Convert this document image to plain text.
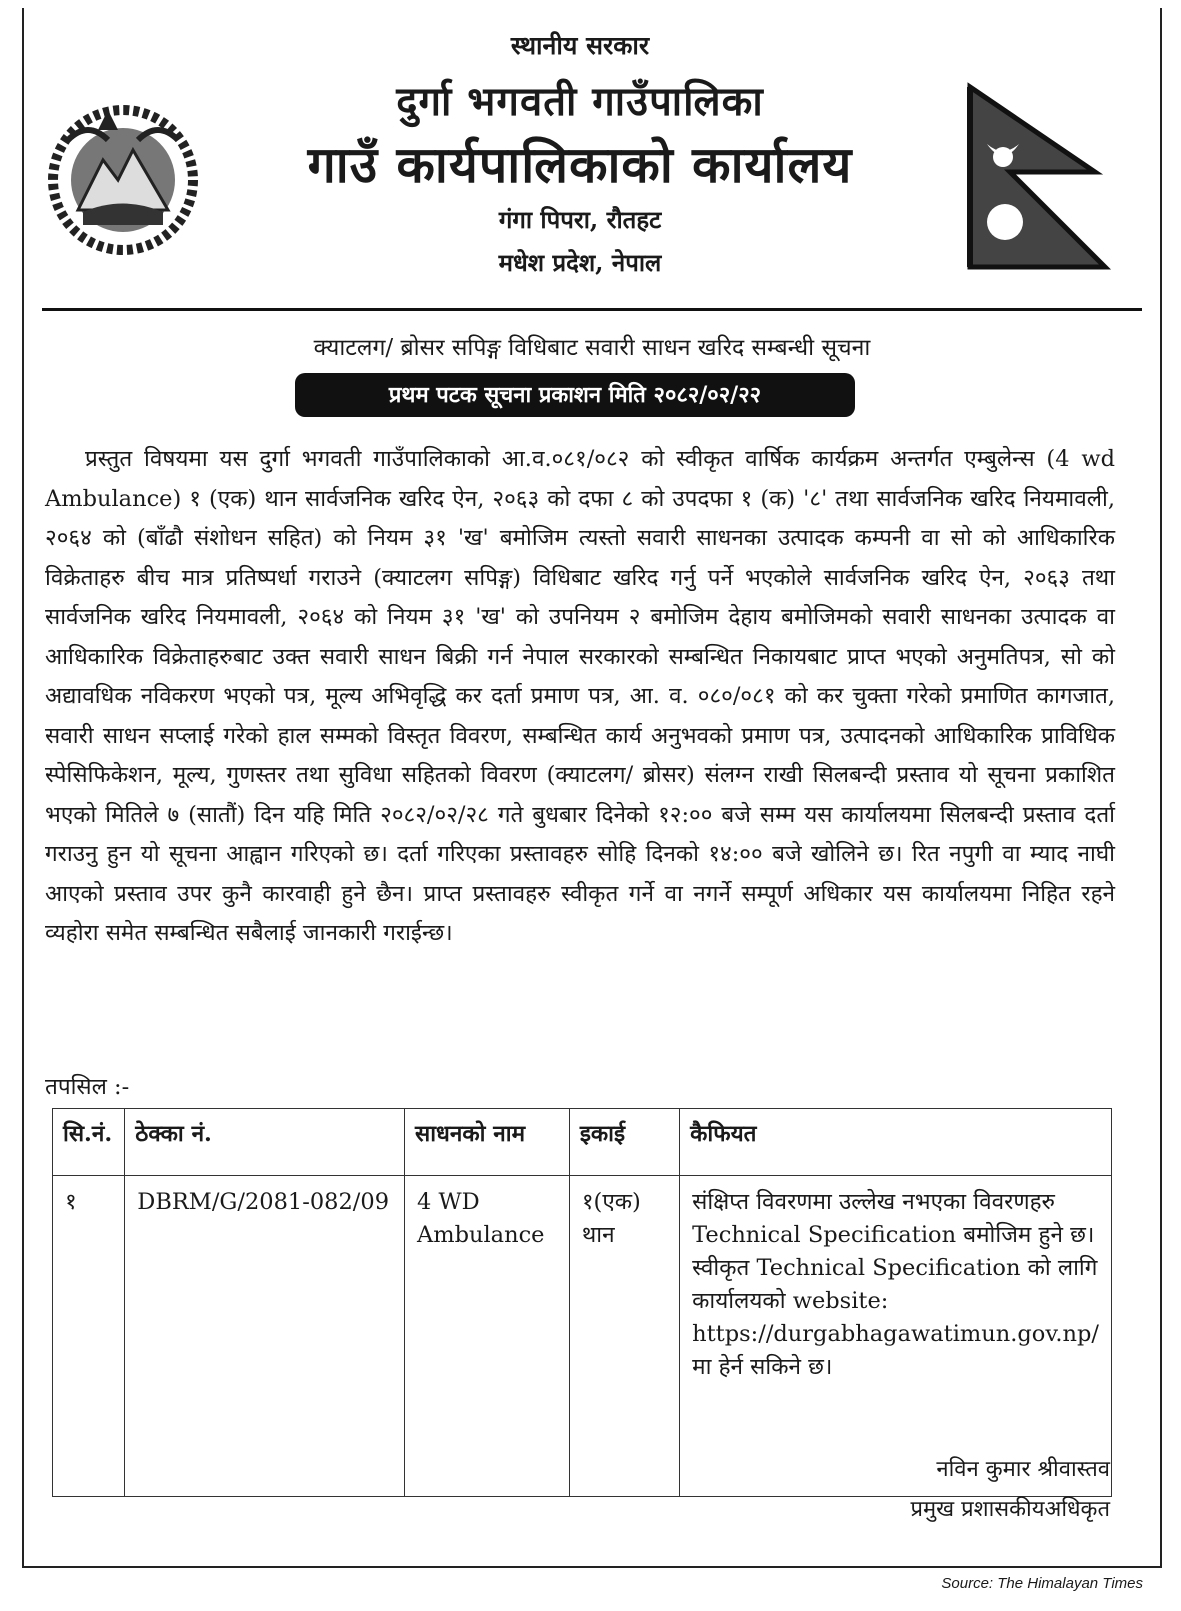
स्थानीय सरकार
दुर्गा भगवती गाउँपालिका
गाउँ कार्यपालिकाको कार्यालय
गंगा पिपरा, रौतहट
मधेश प्रदेश, नेपाल
क्याटलग/ ब्रोसर सपिङ्ग विधिबाट सवारी साधन खरिद सम्बन्धी सूचना
प्रथम पटक सूचना प्रकाशन मिति २०८२/०२/२२
प्रस्तुत विषयमा यस दुर्गा भगवती गाउँपालिकाको आ.व.०८१/०८२ को स्वीकृत वार्षिक कार्यक्रम अन्तर्गत एम्बुलेन्स (4 wd Ambulance) १ (एक) थान सार्वजनिक खरिद ऐन, २०६३ को दफा ८ को उपदफा १ (क) '८' तथा सार्वजनिक खरिद नियमावली, २०६४ को (बाँढौ संशोधन सहित) को नियम ३१ 'ख' बमोजिम त्यस्तो सवारी साधनका उत्पादक कम्पनी वा सो को आधिकारिक विक्रेताहरु बीच मात्र प्रतिष्पर्धा गराउने (क्याटलग सपिङ्ग) विधिबाट खरिद गर्नु पर्ने भएकोले सार्वजनिक खरिद ऐन, २०६३ तथा सार्वजनिक खरिद नियमावली, २०६४ को नियम ३१ 'ख' को उपनियम २ बमोजिम देहाय बमोजिमको सवारी साधनका उत्पादक वा आधिकारिक विक्रेताहरुबाट उक्त सवारी साधन बिक्री गर्न नेपाल सरकारको सम्बन्धित निकायबाट प्राप्त भएको अनुमतिपत्र, सो को अद्यावधिक नविकरण भएको पत्र, मूल्य अभिवृद्धि कर दर्ता प्रमाण पत्र, आ. व. ०८०/०८१ को कर चुक्ता गरेको प्रमाणित कागजात, सवारी साधन सप्लाई गरेको हाल सम्मको विस्तृत विवरण, सम्बन्धित कार्य अनुभवको प्रमाण पत्र, उत्पादनको आधिकारिक प्राविधिक स्पेसिफिकेशन, मूल्य, गुणस्तर तथा सुविधा सहितको विवरण (क्याटलग/ ब्रोसर) संलग्न राखी सिलबन्दी प्रस्ताव यो सूचना प्रकाशित भएको मितिले ७ (सातौं) दिन यहि मिति २०८२/०२/२८ गते बुधबार दिनेको १२:०० बजे सम्म यस कार्यालयमा सिलबन्दी प्रस्ताव दर्ता गराउनु हुन यो सूचना आह्वान गरिएको छ। दर्ता गरिएका प्रस्तावहरु सोहि दिनको १४:०० बजे खोलिने छ। रित नपुगी वा म्याद नाघी आएको प्रस्ताव उपर कुनै कारवाही हुने छैन। प्राप्त प्रस्तावहरु स्वीकृत गर्ने वा नगर्ने सम्पूर्ण अधिकार यस कार्यालयमा निहित रहने व्यहोरा समेत सम्बन्धित सबैलाई जानकारी गराईन्छ।
तपसिल :-
सि.नं.	ठेक्का नं.	साधनको नाम	इकाई	कैफियत
१	DBRM/G/2081-082/09	4 WD Ambulance	१(एक) थान	संक्षिप्त विवरणमा उल्लेख नभएका विवरणहरु Technical Specification बमोजिम हुने छ। स्वीकृत Technical Specification को लागि कार्यालयको website: https://durgabhagawatimun.gov.np/ मा हेर्न सकिने छ।
नविन कुमार श्रीवास्तव
प्रमुख प्रशासकीयअधिकृत
Source: The Himalayan Times
